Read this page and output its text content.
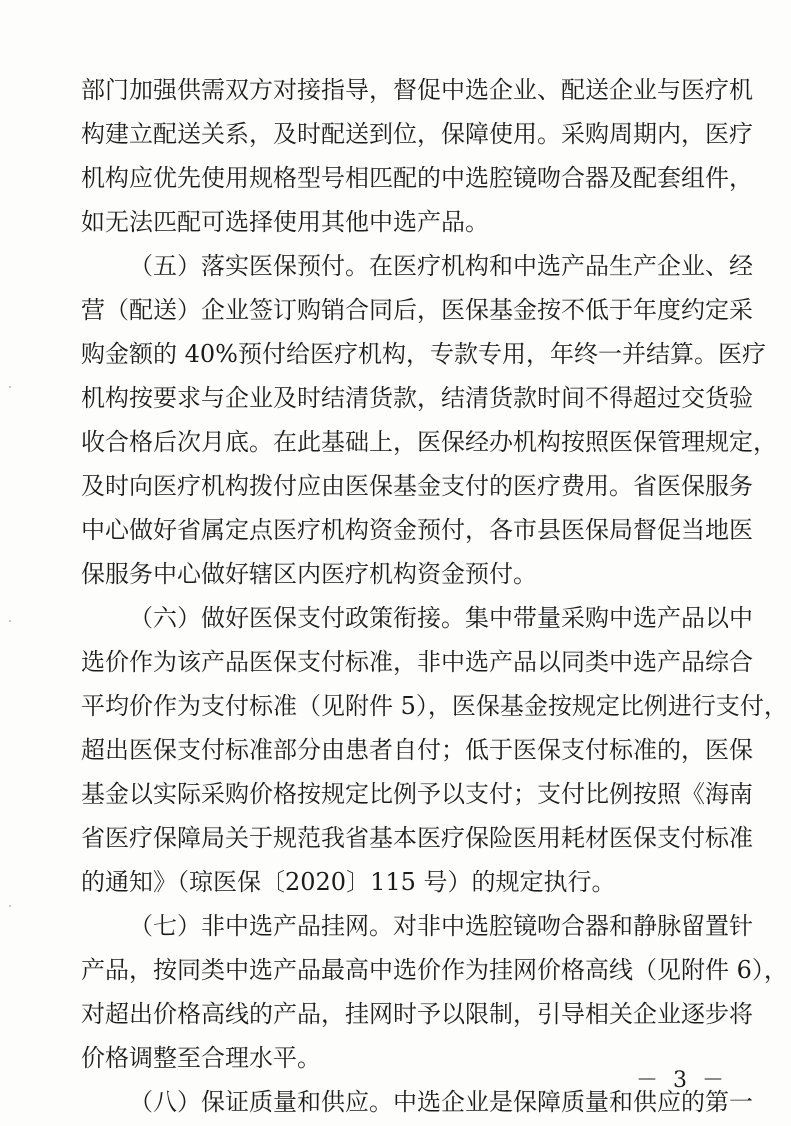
部门加强供需双方对接指导，督促中选企业、配送企业与医疗机
构建立配送关系，及时配送到位，保障使用。采购周期内，医疗
机构应优先使用规格型号相匹配的中选腔镜吻合器及配套组件，
如无法匹配可选择使用其他中选产品。
（五）落实医保预付。在医疗机构和中选产品生产企业、经
营（配送）企业签订购销合同后，医保基金按不低于年度约定采
购金额的 40%预付给医疗机构，专款专用，年终一并结算。医疗
机构按要求与企业及时结清货款，结清货款时间不得超过交货验
收合格后次月底。在此基础上，医保经办机构按照医保管理规定，
及时向医疗机构拨付应由医保基金支付的医疗费用。省医保服务
中心做好省属定点医疗机构资金预付，各市县医保局督促当地医
保服务中心做好辖区内医疗机构资金预付。
（六）做好医保支付政策衔接。集中带量采购中选产品以中
选价作为该产品医保支付标准，非中选产品以同类中选产品综合
平均价作为支付标准（见附件 5），医保基金按规定比例进行支付，
超出医保支付标准部分由患者自付；低于医保支付标准的，医保
基金以实际采购价格按规定比例予以支付；支付比例按照《海南
省医疗保障局关于规范我省基本医疗保险医用耗材医保支付标准
的通知》（琼医保〔2020〕115 号）的规定执行。
（七）非中选产品挂网。对非中选腔镜吻合器和静脉留置针
产品，按同类中选产品最高中选价作为挂网价格高线（见附件 6），
对超出价格高线的产品，挂网时予以限制，引导相关企业逐步将
价格调整至合理水平。
（八）保证质量和供应。中选企业是保障质量和供应的第一
－ 3 －
